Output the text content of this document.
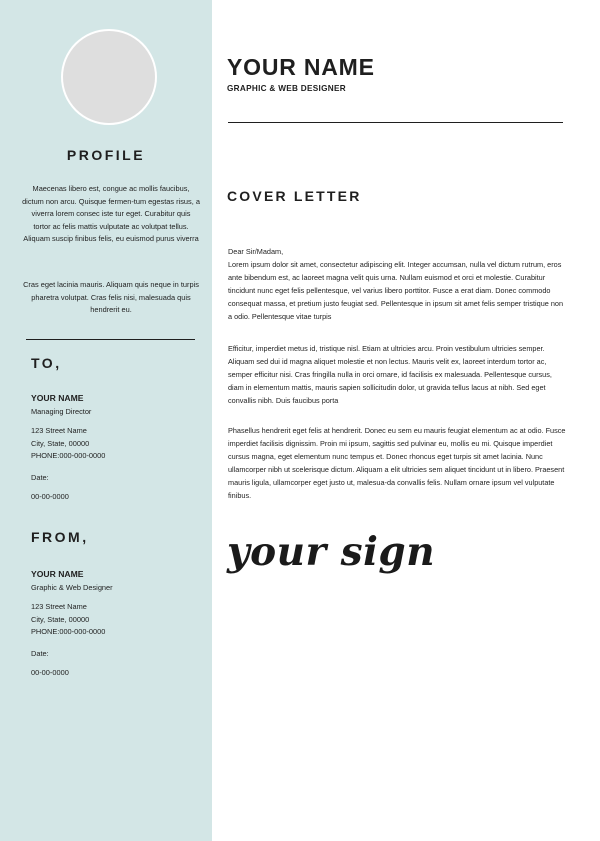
PROFILE

Maecenas libero est, congue ac mollis faucibus, dictum non arcu. Quisque fermen-tum egestas risus, a viverra lorem consec iste tur eget. Curabitur quis tortor ac felis mattis vulputate ac volutpat tellus. Aliquam suscip finibus felis, eu euismod purus viverra

Cras eget lacinia mauris. Aliquam quis neque in turpis pharetra volutpat. Cras felis nisi, malesuada quis hendrerit eu.

TO,
YOUR NAME
Managing Director
123 Street Name
City, State, 00000
PHONE:000-000-0000
Date:
00-00-0000
FROM,
YOUR NAME
Graphic & Web Designer
123 Street Name
City, State, 00000
PHONE:000-000-0000
Date:
00-00-0000
YOUR NAME
GRAPHIC & WEB DESIGNER
COVER LETTER

Dear Sir/Madam,

Lorem ipsum dolor sit amet, consectetur adipiscing elit. Integer accumsan, nulla vel dictum rutrum, eros ante bibendum est, ac laoreet magna velit quis urna. Nullam euismod et orci et molestie. Curabitur tincidunt nunc eget felis pellentesque, vel varius libero porttitor. Fusce a erat diam. Donec commodo consequat massa, et pretium justo feugiat sed. Pellentesque in ipsum sit amet felis semper tristique non a odio. Pellentesque vitae turpis

Efficitur, imperdiet metus id, tristique nisl. Etiam at ultricies arcu. Proin vestibulum ultricies semper. Aliquam sed dui id magna aliquet molestie et non lectus. Mauris velit ex, laoreet interdum tortor ac, semper efficitur nisi. Cras fringilla nulla in orci ornare, id facilisis ex malesuada. Pellentesque cursus, diam in elementum mattis, mauris sapien sollicitudin dolor, ut gravida tellus lacus at nibh. Sed eget convallis nibh. Duis faucibus porta

Phasellus hendrerit eget felis at hendrerit. Donec eu sem eu mauris feugiat elementum ac at odio. Fusce imperdiet facilisis dignissim. Proin mi ipsum, sagittis sed pulvinar eu, mollis eu mi. Quisque imperdiet cursus magna, eget elementum nunc tempus et. Donec rhoncus eget turpis sit amet lacinia. Nunc ullamcorper nibh ut scelerisque dictum. Aliquam a elit ultricies sem aliquet tincidunt ut in libero. Praesent mauris ligula, ullamcorper eget justo ut, malesua-da convallis felis. Nullam ornare ipsum vel vulputate finibus.

your sign
